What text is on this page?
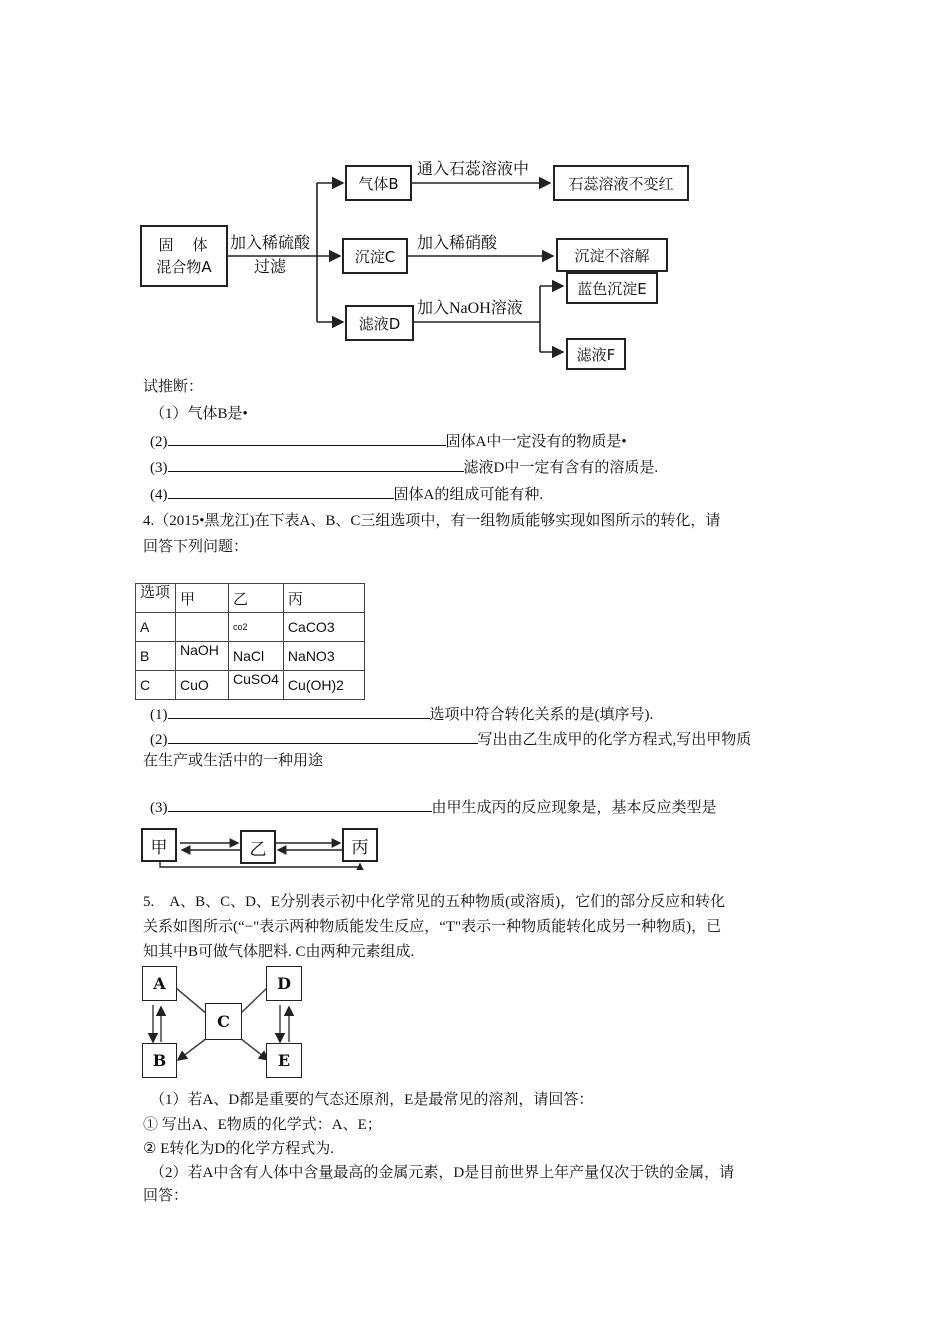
固　体
混合物A
加入稀硫酸
过滤
气体B
沉淀C
滤液D
通入石蕊溶液中
加入稀硝酸
加入NaOH溶液
石蕊溶液不变红
沉淀不溶解
蓝色沉淀E
滤液F
试推断：
（1）气体B是•
(2)	固体A中一定没有的物质是•
(3)	滤液D中一定有含有的溶质是.
(4)	固体A的组成可能有种.
4.（2015•黑龙江)在下表A、B、C三组选项中，有一组物质能够实现如图所示的转化，请
回答下列问题：
选项	甲	乙	丙
A		co2	CaCO3
B	NaOH	NaCl	NaNO3
C	CuO	CuSO4	Cu(OH)2
(1)	选项中符合转化关系的是(填序号).
(2)	写出由乙生成甲的化学方程式,写出甲物质
在生产或生活中的一种用途
(3)	由甲生成丙的反应现象是，基本反应类型是
甲	乙	丙
5.　A、B、C、D、E分别表示初中化学常见的五种物质(或溶质)，它们的部分反应和转化
关系如图所示(“−"表示两种物质能发生反应，“T"表示一种物质能转化成另一种物质)，已
知其中B可做气体肥料. C由两种元素组成.
A
B
C
D
E
（1）若A、D都是重要的气态还原剂，E是最常见的溶剂，请回答：
① 写出A、E物质的化学式：A、E；
② E转化为D的化学方程式为.
（2）若A中含有人体中含量最高的金属元素，D是目前世界上年产量仅次于铁的金属，请
回答：
